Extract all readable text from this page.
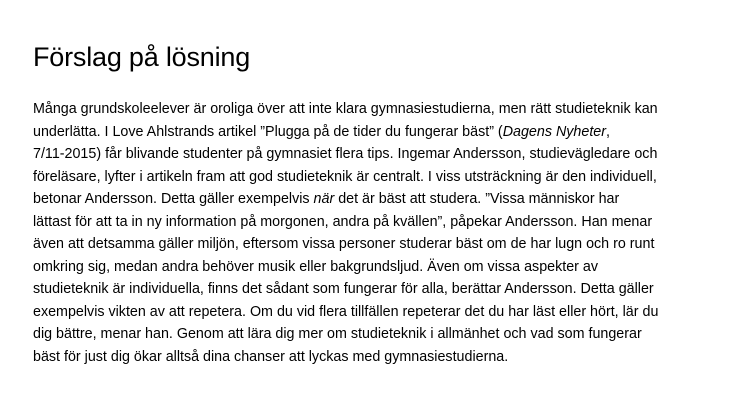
Förslag på lösning

Många grundskoleelever är oroliga över att inte klara gymnasiestudierna, men rätt studieteknik kan
underlätta. I Love Ahlstrands artikel ”Plugga på de tider du fungerar bäst” (Dagens Nyheter,
7/11-2015) får blivande studenter på gymnasiet flera tips. Ingemar Andersson, studievägledare och
föreläsare, lyfter i artikeln fram att god studieteknik är centralt. I viss utsträckning är den individuell,
betonar Andersson. Detta gäller exempelvis när det är bäst att studera. ”Vissa människor har
lättast för att ta in ny information på morgonen, andra på kvällen”, påpekar Andersson. Han menar
även att detsamma gäller miljön, eftersom vissa personer studerar bäst om de har lugn och ro runt
omkring sig, medan andra behöver musik eller bakgrundsljud. Även om vissa aspekter av
studieteknik är individuella, finns det sådant som fungerar för alla, berättar Andersson. Detta gäller
exempelvis vikten av att repetera. Om du vid flera tillfällen repeterar det du har läst eller hört, lär du
dig bättre, menar han. Genom att lära dig mer om studieteknik i allmänhet och vad som fungerar
bäst för just dig ökar alltså dina chanser att lyckas med gymnasiestudierna.
